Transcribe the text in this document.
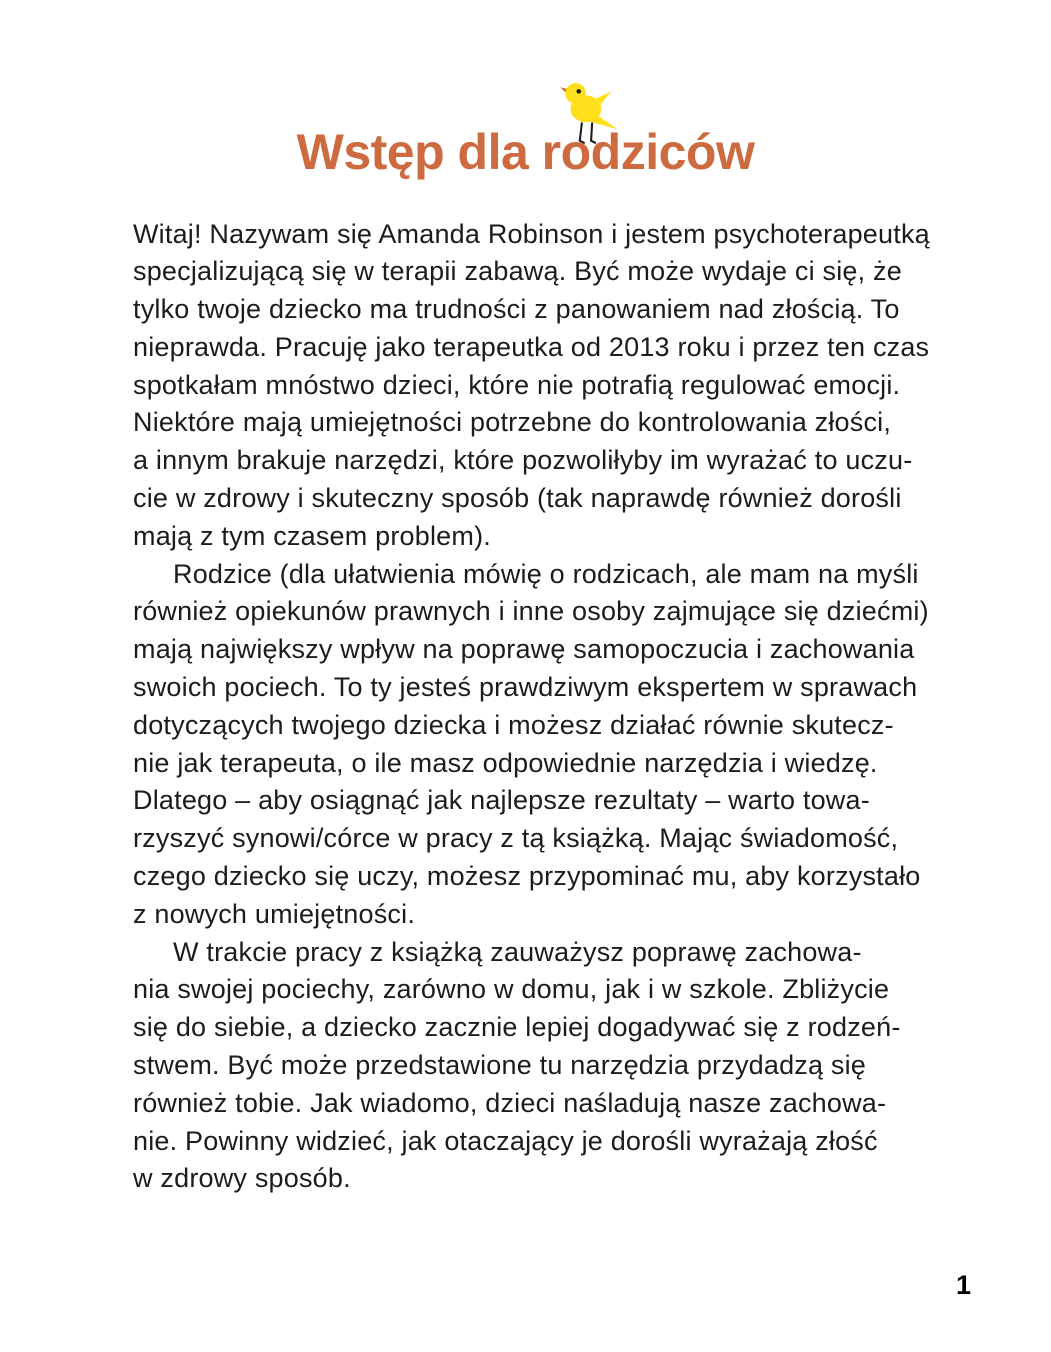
Wstęp dla rodziców
Witaj! Nazywam się Amanda Robinson i jestem psychoterapeutką
specjalizującą się w terapii zabawą. Być może wydaje ci się, że
tylko twoje dziecko ma trudności z panowaniem nad złością. To
nieprawda. Pracuję jako terapeutka od 2013 roku i przez ten czas
spotkałam mnóstwo dzieci, które nie potrafią regulować emocji.
Niektóre mają umiejętności potrzebne do kontrolowania złości,
a innym brakuje narzędzi, które pozwoliłyby im wyrażać to uczu-
cie w zdrowy i skuteczny sposób (tak naprawdę również dorośli
mają z tym czasem problem).
Rodzice (dla ułatwienia mówię o rodzicach, ale mam na myśli
również opiekunów prawnych i inne osoby zajmujące się dziećmi)
mają największy wpływ na poprawę samopoczucia i zachowania
swoich pociech. To ty jesteś prawdziwym ekspertem w sprawach
dotyczących twojego dziecka i możesz działać równie skutecz-
nie jak terapeuta, o ile masz odpowiednie narzędzia i wiedzę.
Dlatego – aby osiągnąć jak najlepsze rezultaty – warto towa-
rzyszyć synowi/córce w pracy z tą książką. Mając świadomość,
czego dziecko się uczy, możesz przypominać mu, aby korzystało
z nowych umiejętności.
W trakcie pracy z książką zauważysz poprawę zachowa-
nia swojej pociechy, zarówno w domu, jak i w szkole. Zbliżycie
się do siebie, a dziecko zacznie lepiej dogadywać się z rodzeń-
stwem. Być może przedstawione tu narzędzia przydadzą się
również tobie. Jak wiadomo, dzieci naśladują nasze zachowa-
nie. Powinny widzieć, jak otaczający je dorośli wyrażają złość
w zdrowy sposób.
1
